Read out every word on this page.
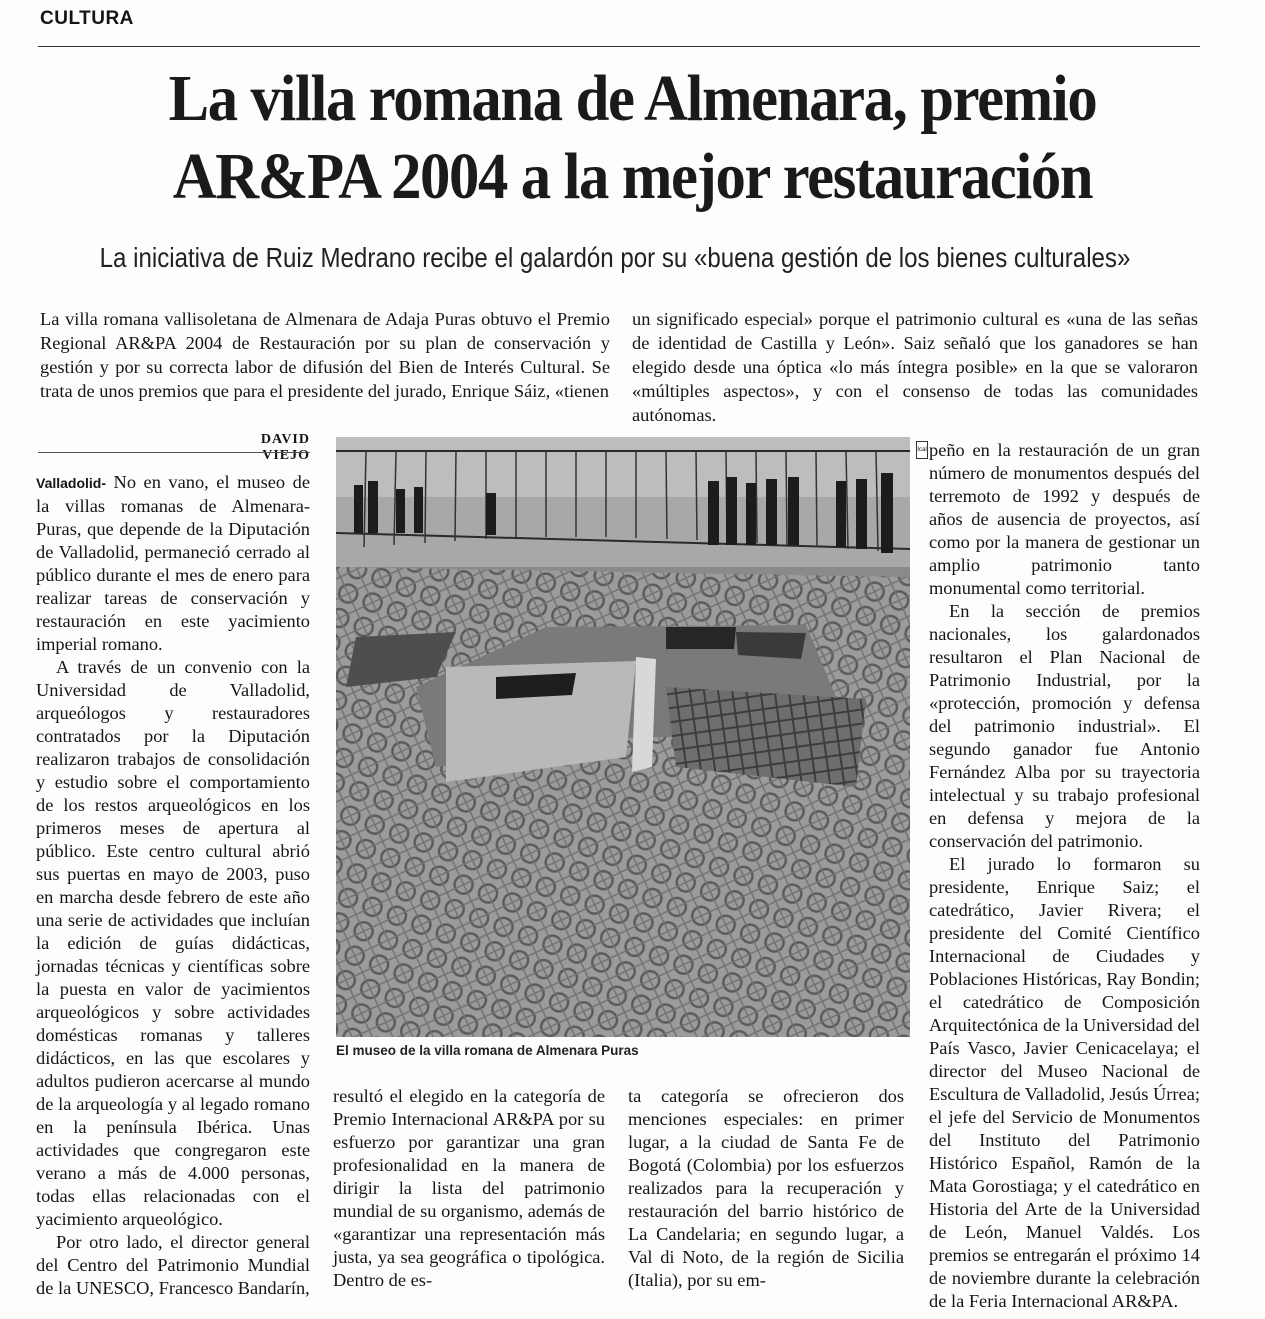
CULTURA
La villa romana de Almenara, premio
AR&PA 2004 a la mejor restauración
La iniciativa de Ruiz Medrano recibe el galardón por su «buena gestión de los bienes culturales»
La villa romana vallisoletana de Almenara de Adaja Puras obtuvo el Premio Regional AR&PA 2004 de Restauración por su plan de conservación y gestión y por su correcta labor de difusión del Bien de Interés Cultural. Se trata de unos premios que para el presidente del jurado, Enrique Sáiz, «tienen
un significado especial» porque el patrimonio cultural es «una de las señas de identidad de Castilla y León». Saiz señaló que los ganadores se han elegido desde una óptica «lo más íntegra posible» en la que se valoraron «múltiples aspectos», y con el consenso de todas las comunidades autónomas.
DAVID VIEJO

Valladolid- No en vano, el museo de la villas romanas de Almenara-Puras, que depende de la Diputación de Valladolid, permaneció cerrado al público durante el mes de enero para realizar tareas de conservación y restauración en este yacimiento imperial romano.

A través de un convenio con la Universidad de Valladolid, arqueólogos y restauradores contratados por la Diputación realizaron trabajos de consolidación y estudio sobre el comportamiento de los restos arqueológicos en los primeros meses de apertura al público. Este centro cultural abrió sus puertas en mayo de 2003, puso en marcha desde febrero de este año una serie de actividades que incluían la edición de guías didácticas, jornadas técnicas y científicas sobre la puesta en valor de yacimientos arqueológicos y sobre actividades domésticas romanas y talleres didácticos, en las que escolares y adultos pudieron acercarse al mundo de la arqueología y al legado romano en la península Ibérica. Unas actividades que congregaron este verano a más de 4.000 personas, todas ellas relacionadas con el yacimiento arqueológico.

Por otro lado, el director general del Centro del Patrimonio Mundial de la UNESCO, Francesco Bandarín,

Ical
El museo de la villa romana de Almenara Puras

resultó el elegido en la categoría de Premio Internacional AR&PA por su esfuerzo por garantizar una gran profesionalidad en la manera de dirigir la lista del patrimonio mundial de su organismo, además de «garantizar una representación más justa, ya sea geográfica o tipológica. Dentro de es-

ta categoría se ofrecieron dos menciones especiales: en primer lugar, a la ciudad de Santa Fe de Bogotá (Colombia) por los esfuerzos realizados para la recuperación y restauración del barrio histórico de La Candelaria; en segundo lugar, a Val di Noto, de la región de Sicilia (Italia), por su em-

peño en la restauración de un gran número de monumentos después del terremoto de 1992 y después de años de ausencia de proyectos, así como por la manera de gestionar un amplio patrimonio tanto monumental como territorial.

En la sección de premios nacionales, los galardonados resultaron el Plan Nacional de Patrimonio Industrial, por la «protección, promoción y defensa del patrimonio industrial». El segundo ganador fue Antonio Fernández Alba por su trayectoria intelectual y su trabajo profesional en defensa y mejora de la conservación del patrimonio.

El jurado lo formaron su presidente, Enrique Saiz; el catedrático, Javier Rivera; el presidente del Comité Científico Internacional de Ciudades y Poblaciones Históricas, Ray Bondin; el catedrático de Composición Arquitectónica de la Universidad del País Vasco, Javier Cenicacelaya; el director del Museo Nacional de Escultura de Valladolid, Jesús Úrrea; el jefe del Servicio de Monumentos del Instituto del Patrimonio Histórico Español, Ramón de la Mata Gorostiaga; y el catedrático en Historia del Arte de la Universidad de León, Manuel Valdés. Los premios se entregarán el próximo 14 de noviembre durante la celebración de la Feria Internacional AR&PA.
